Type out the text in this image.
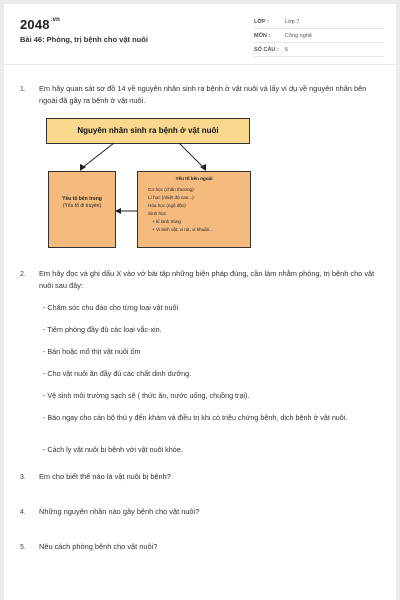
$2048^{.vn}$
Bài 46: Phòng, trị bệnh cho vật nuôi
LỚP :	Lớp 7
MÔN :	Công nghệ
SỐ CÂU : 5
1. Em hãy quan sát sơ đồ 14 về nguyên nhân sinh ra bệnh ở vật nuôi và lấy ví dụ về nguyên nhân bên ngoài đã gây ra bệnh ở vật nuôi.
Nguyên nhân sinh ra bệnh ở vật nuôi
Yếu tố bên trong
(Yếu tố di truyền)
Yếu tố bên ngoài
Cơ học (chấn thương)
Lí học (nhiệt độ cao...)
Hóa học (ngộ độc)
Sinh học
+ kí sinh trùng
+ Vi sinh vật: vi rút, vi khuẩn...
2. Em hãy đọc và ghi dấu X vào vở bài tập những biện pháp đúng, cần làm nhằm phòng, trị bệnh cho vật nuôi sau đây:
- Chăm sóc chu đáo cho từng loại vật nuôi
- Tiêm phòng đầy đủ các loại vắc-xin.
- Bán hoặc mổ thịt vật nuôi ốm
- Cho vật nuôi ăn đầy đủ các chất dinh dưỡng.
- Vệ sinh môi trường sạch sẽ ( thức ăn, nước uống, chuồng trại).
- Báo ngay cho cán bộ thú y đến khám và điều trị khi có triệu chứng bệnh, dịch bệnh ở vật nuôi.
- Cách ly vật nuôi bị bệnh với vật nuôi khỏe.
3. Em cho biết thế nào là vật nuôi bị bệnh?
4. Những nguyên nhân nào gây bệnh cho vật nuôi?
5. Nêu cách phòng bệnh cho vật nuôi?
